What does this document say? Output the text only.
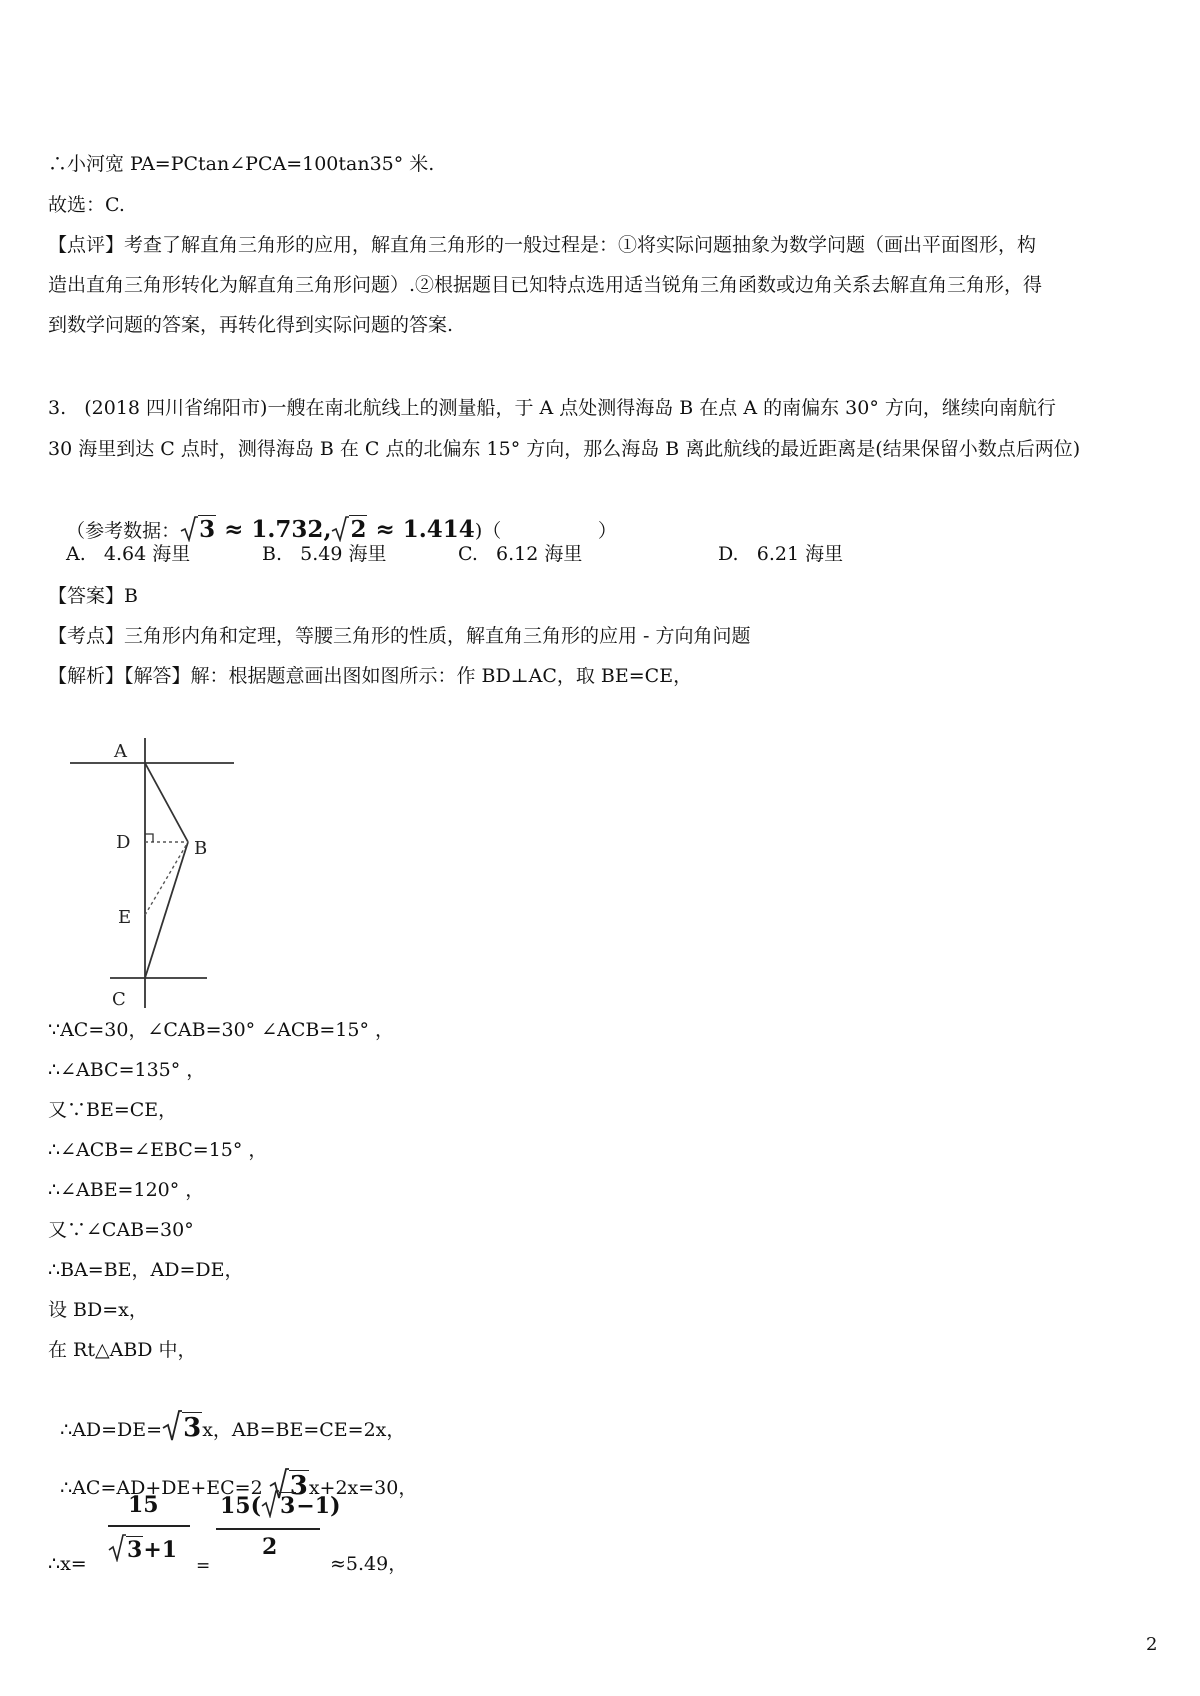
∴小河宽 PA=PCtan∠PCA=100tan35° 米.
故选：C.
【点评】考查了解直角三角形的应用，解直角三角形的一般过程是：①将实际问题抽象为数学问题（画出平面图形，构
造出直角三角形转化为解直角三角形问题）.②根据题目已知特点选用适当锐角三角函数或边角关系去解直角三角形，得
到数学问题的答案，再转化得到实际问题的答案.
3.   (2018 四川省绵阳市)一艘在南北航线上的测量船，于 A 点处测得海岛 B 在点 A 的南偏东 30° 方向，继续向南航行
30 海里到达 C 点时，测得海岛 B 在 C 点的北偏东 15° 方向，那么海岛 B 离此航线的最近距离是(结果保留小数点后两位)

（参考数据： 3 ≈ 1.732, 2 ≈ 1.414)（                ）

A. 4.64 海里	B. 5.49 海里	C. 6.12 海里	D. 6.21 海里
【答案】B
【考点】三角形内角和定理，等腰三角形的性质，解直角三角形的应用 - 方向角问题
【解析】【解答】解：根据题意画出图如图所示：作 BD⊥AC，取 BE=CE，
A
B
C
D
E
∵AC=30，∠CAB=30° ∠ACB=15° ，
∴∠ABC=135° ，
又∵BE=CE，
∴∠ACB=∠EBC=15° ，
∴∠ABE=120° ，
又∵∠CAB=30°
∴BA=BE，AD=DE，
设 BD=x，
在 Rt△ABD 中，

∴AD=DE= 3x，AB=BE=CE=2x，

∴AC=AD+DE+EC=2 3x+2x=30，

∴x=
15
3+1
=
15( 3−1)
2
≈5.49，
2
